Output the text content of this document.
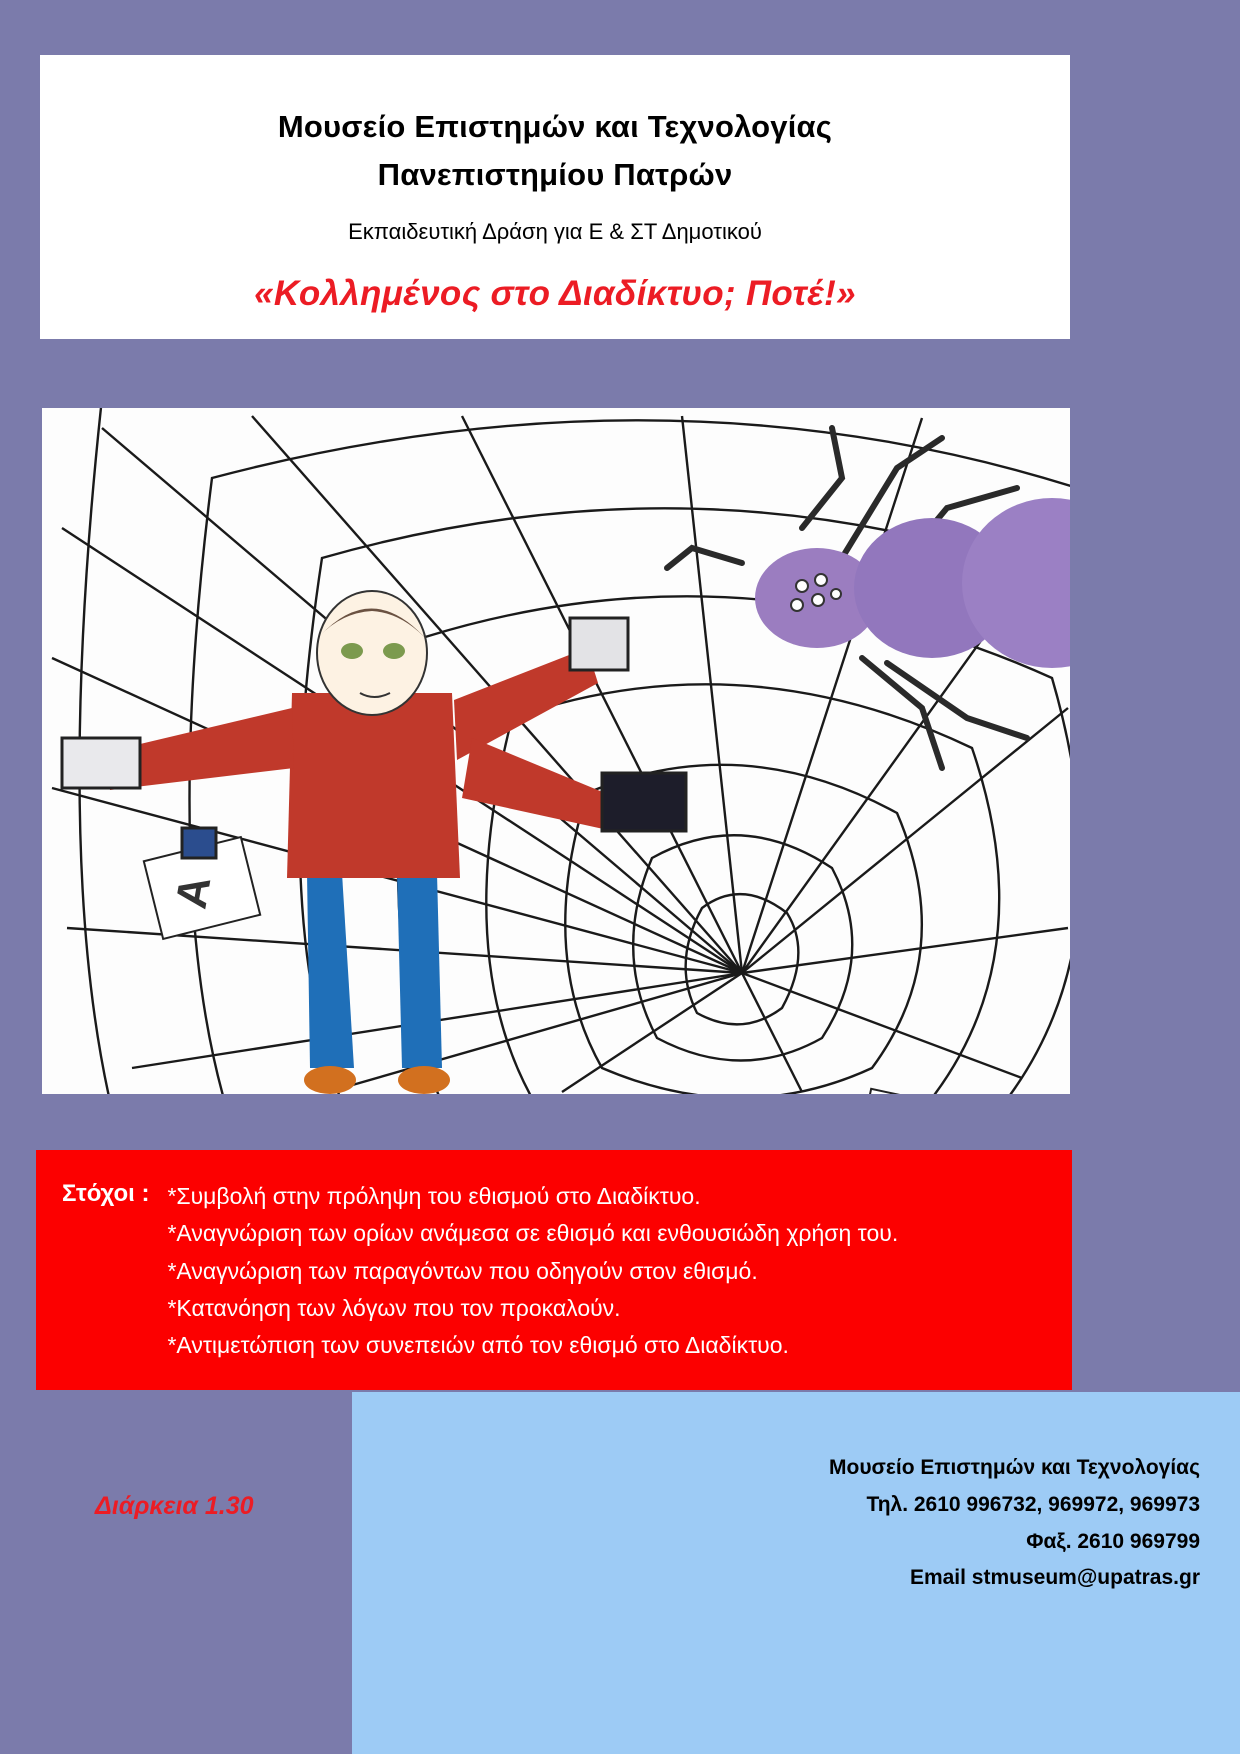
Μουσείο Επιστημών και Τεχνολογίας
Πανεπιστημίου Πατρών
Εκπαιδευτική Δράση για Ε & ΣΤ Δημοτικού
«Κολλημένος στο Διαδίκτυο; Ποτέ!»
A
Στόχοι : *Συμβολή στην πρόληψη του εθισμού στο Διαδίκτυο.
*Αναγνώριση των ορίων ανάμεσα σε εθισμό και ενθουσιώδη χρήση του.
*Αναγνώριση των παραγόντων που οδηγούν στον εθισμό.
*Κατανόηση των λόγων που τον προκαλούν.
*Αντιμετώπιση των συνεπειών από τον εθισμό στο Διαδίκτυο.
Μουσείο Επιστημών και Τεχνολογίας
Τηλ. 2610 996732, 969972, 969973
Φαξ. 2610 969799
Email stmuseum@upatras.gr
Διάρκεια 1.30
